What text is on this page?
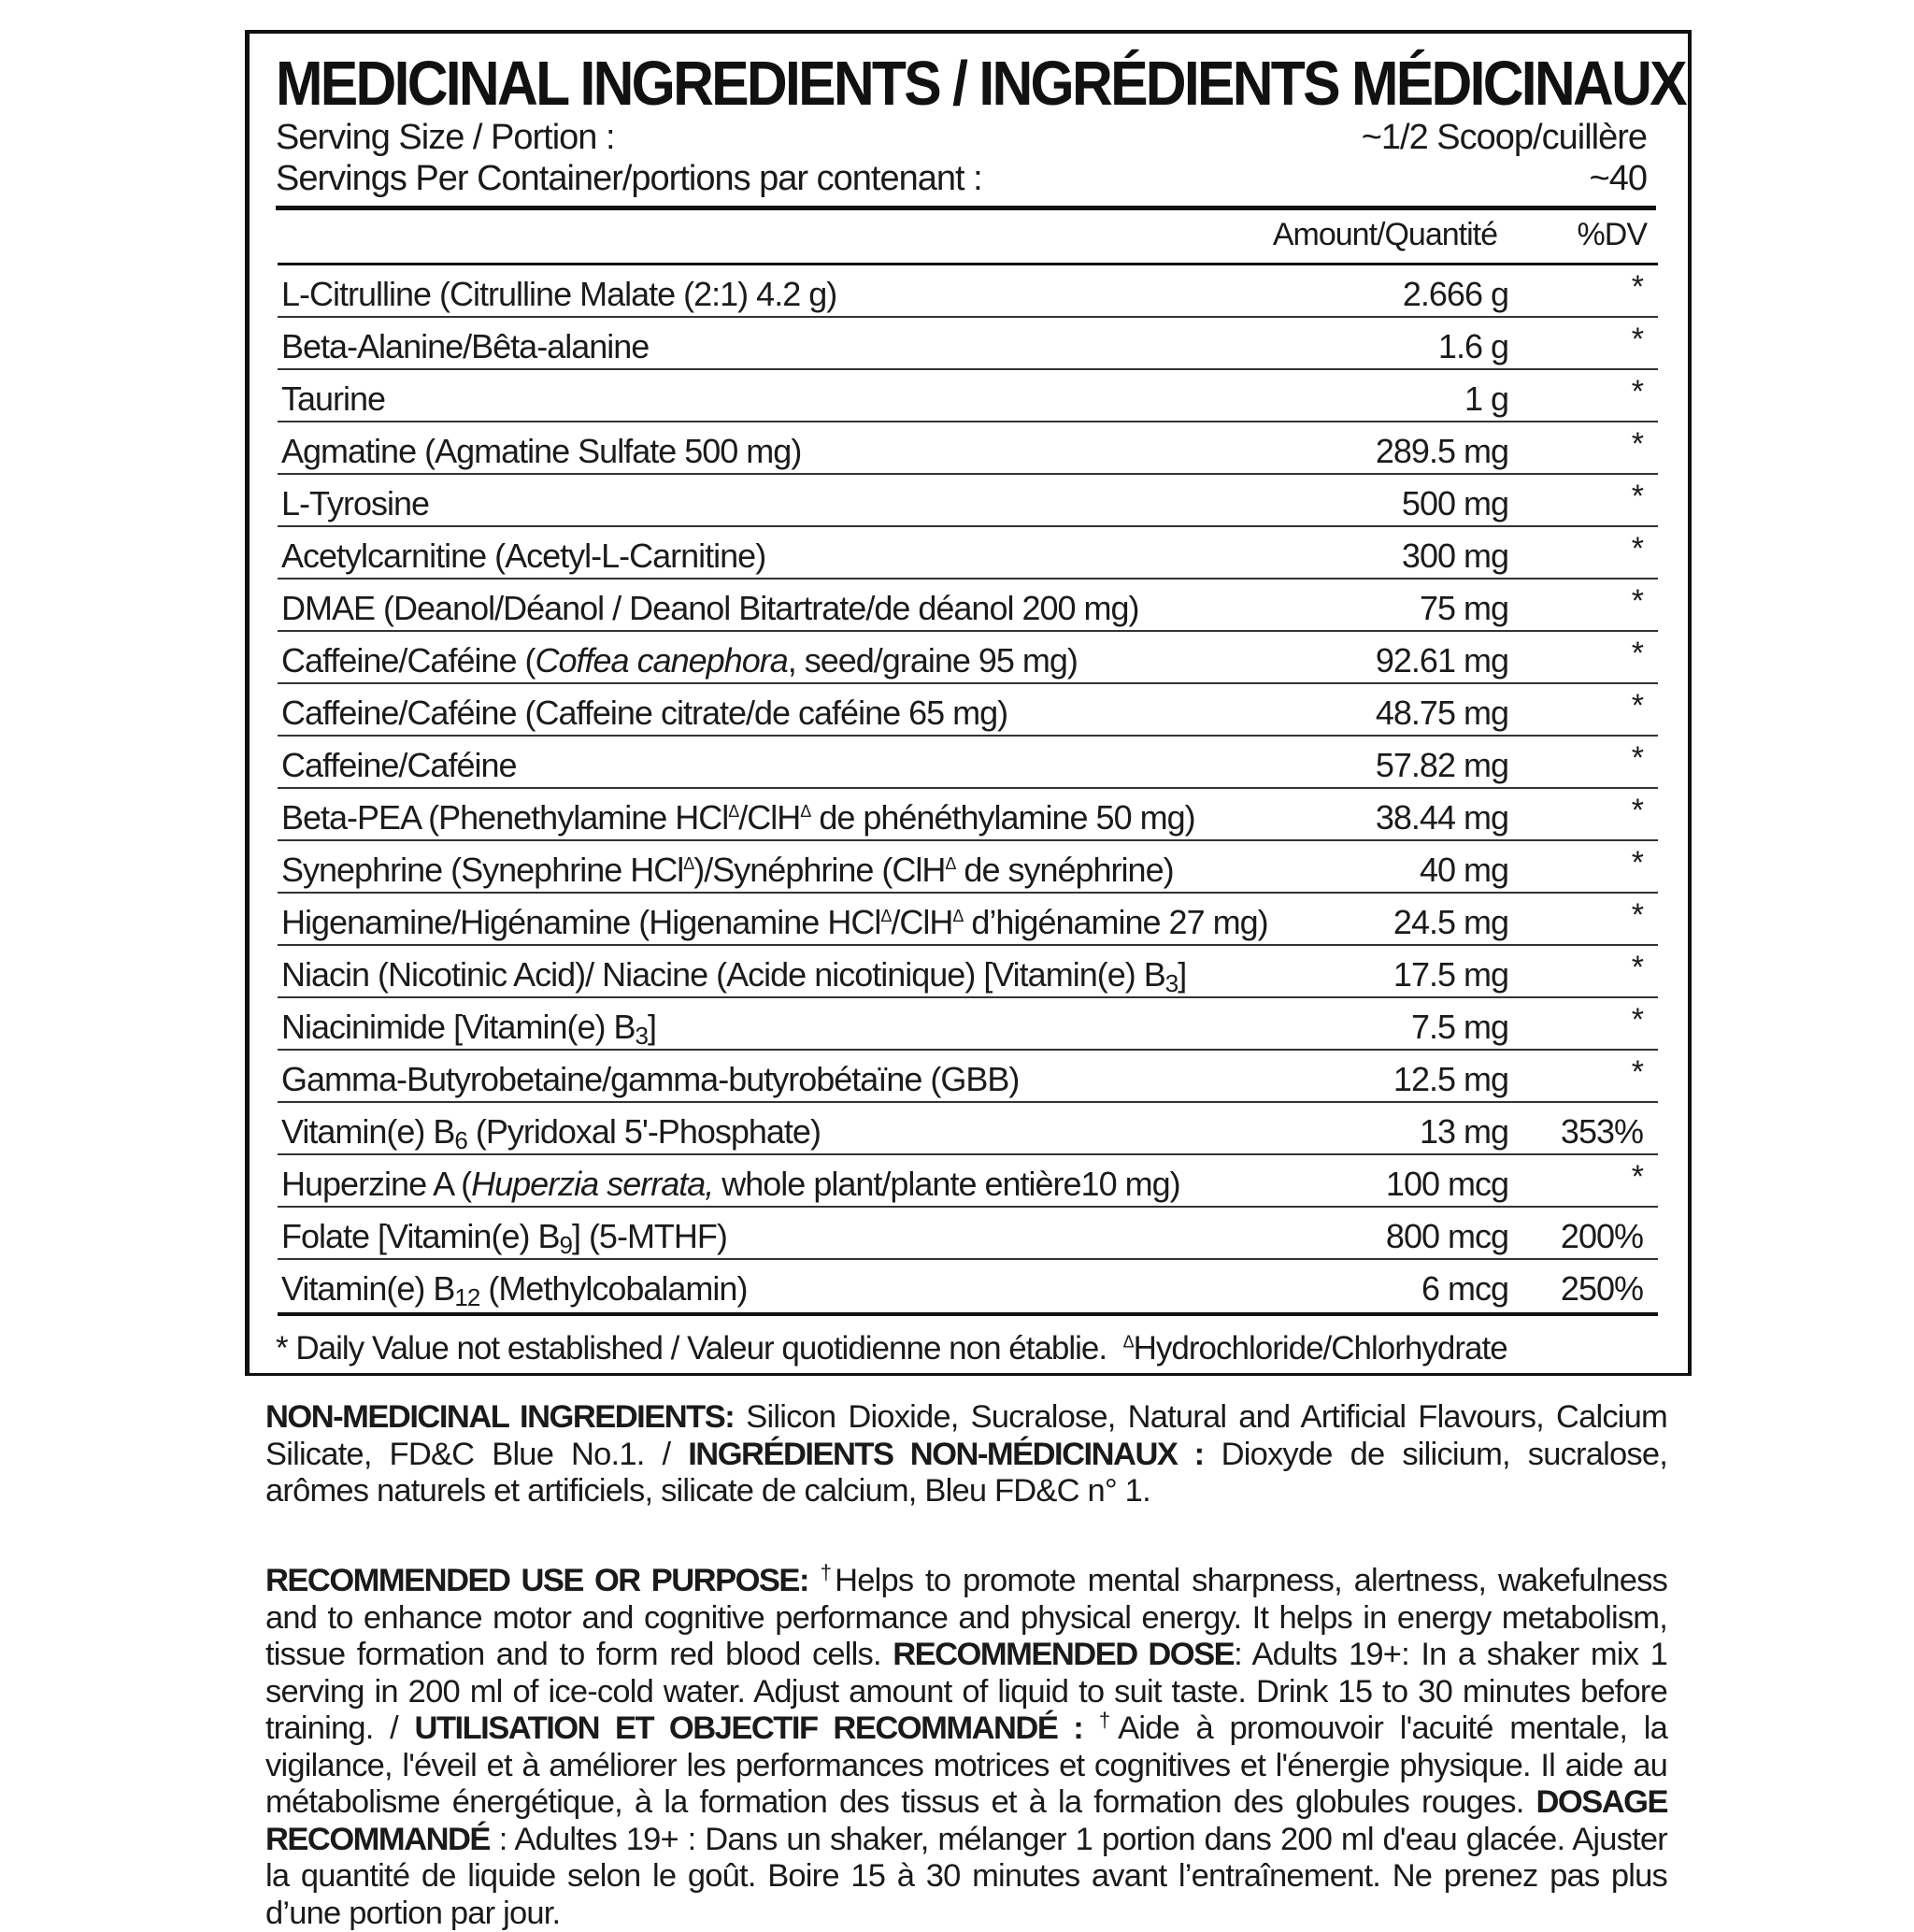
MEDICINAL INGREDIENTS / INGRÉDIENTS MÉDICINAUX
Serving Size / Portion :	~1/2 Scoop/cuillère
Servings Per Container/portions par contenant :	~40
Amount/Quantité	%DV
L-Citrulline (Citrulline Malate (2:1) 4.2 g)	2.666 g	*
Beta-Alanine/Bêta-alanine	1.6 g	*
Taurine	1 g	*
Agmatine (Agmatine Sulfate 500 mg)	289.5 mg	*
L-Tyrosine	500 mg	*
Acetylcarnitine (Acetyl-L-Carnitine)	300 mg	*
DMAE (Deanol/Déanol / Deanol Bitartrate/de déanol 200 mg)	75 mg	*
Caffeine/Caféine (Coffea canephora, seed/graine 95 mg)	92.61 mg	*
Caffeine/Caféine (Caffeine citrate/de caféine 65 mg)	48.75 mg	*
Caffeine/Caféine	57.82 mg	*
Beta-PEA (Phenethylamine HCl$^\Delta$/ClH$^\Delta$ de phénéthylamine 50 mg)	38.44 mg	*
Synephrine (Synephrine HCl$^\Delta$)/Synéphrine (ClH$^\Delta$ de synéphrine)	40 mg	*
Higenamine/Higénamine (Higenamine HCl$^\Delta$/ClH$^\Delta$ d’higénamine 27 mg)	24.5 mg	*
Niacin (Nicotinic Acid)/ Niacine (Acide nicotinique) [Vitamin(e) $B_3$]	17.5 mg	*
Niacinimide [Vitamin(e) $B_3$]	7.5 mg	*
Gamma-Butyrobetaine/gamma-butyrobétaïne (GBB)	12.5 mg	*
Vitamin(e) $B_6$ (Pyridoxal 5'-Phosphate)	13 mg 353%
Huperzine A (Huperzia serrata, whole plant/plante entière10 mg)	100 mcg	*
Folate [Vitamin(e) $B_9$] (5-MTHF)	800 mcg 200%
Vitamin(e) $B_{12}$ (Methylcobalamin)	6 mcg 250%
* Daily Value not established / Valeur quotidienne non établie. $^\Delta$Hydrochloride/Chlorhydrate
NON-MEDICINAL INGREDIENTS: Silicon Dioxide, Sucralose, Natural and Artificial Flavours, Calcium Silicate, FD&C Blue No.1. / INGRÉDIENTS NON-MÉDICINAUX : Dioxyde de silicium, sucralose, arômes naturels et artificiels, silicate de calcium, Bleu FD&C n° 1.
RECOMMENDED USE OR PURPOSE: †Helps to promote mental sharpness, alertness, wakefulness and to enhance motor and cognitive performance and physical energy. It helps in energy metabolism, tissue formation and to form red blood cells. RECOMMENDED DOSE: Adults 19+: In a shaker mix 1 serving in 200 ml of ice-cold water. Adjust amount of liquid to suit taste. Drink 15 to 30 minutes before training. / UTILISATION ET OBJECTIF RECOMMANDÉ : †Aide à promouvoir l'acuité mentale, la vigilance, l'éveil et à améliorer les performances motrices et cognitives et l'énergie physique. Il aide au métabolisme énergétique, à la formation des tissus et à la formation des globules rouges. DOSAGE RECOMMANDÉ : Adultes 19+ : Dans un shaker, mélanger 1 portion dans 200 ml d'eau glacée. Ajuster la quantité de liquide selon le goût. Boire 15 à 30 minutes avant l’entraînement. Ne prenez pas plus d’une portion par jour.
